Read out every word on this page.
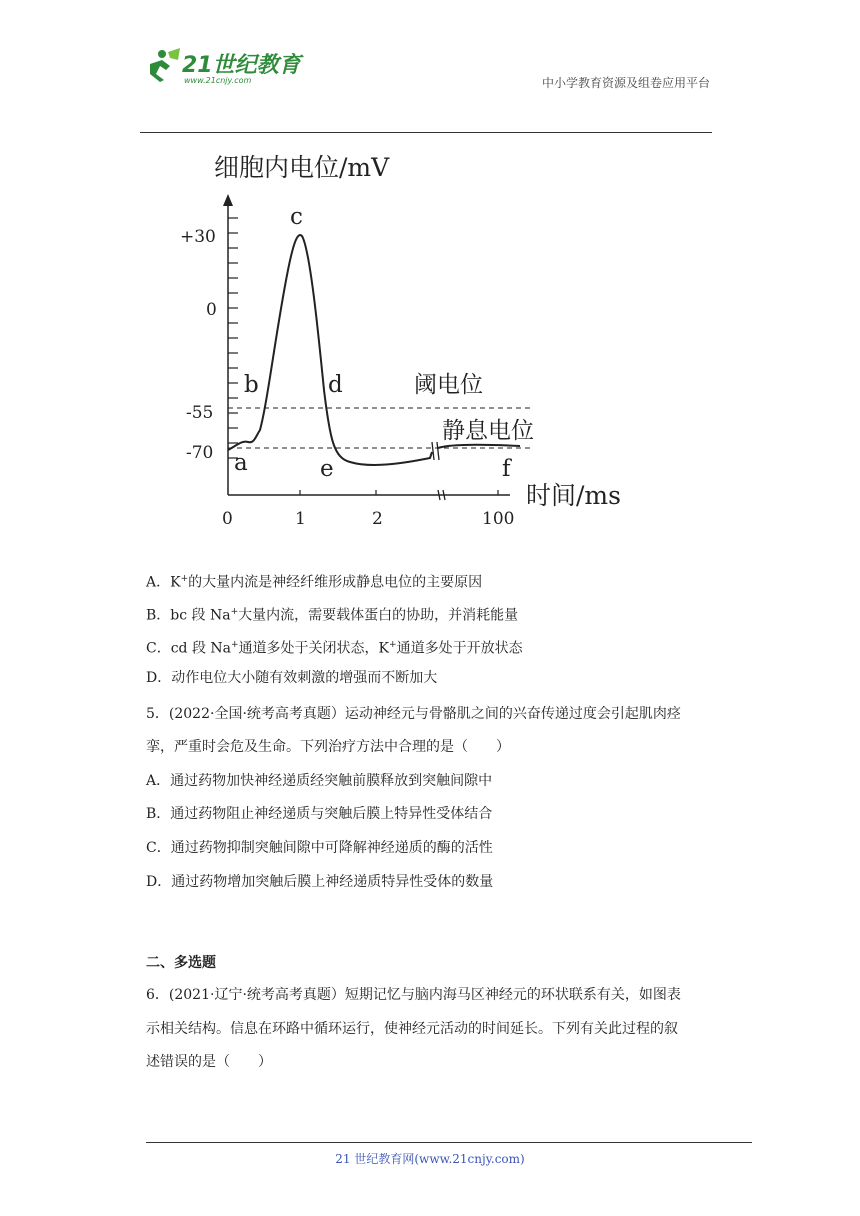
21世纪教育
www.21cnjy.com	中小学教育资源及组卷应用平台
细胞内电位/mV
+30
0
-55
-70
0	1	2	100
时间/ms
a
b
c
d
e	f
阈电位
静息电位
A．K+的大量内流是神经纤维形成静息电位的主要原因
B．bc 段 Na+大量内流，需要载体蛋白的协助，并消耗能量
C．cd 段 Na+通道多处于关闭状态，K+通道多处于开放状态
D．动作电位大小随有效刺激的增强而不断加大
5．(2022·全国·统考高考真题）运动神经元与骨骼肌之间的兴奋传递过度会引起肌肉痉
挛，严重时会危及生命。下列治疗方法中合理的是（　　）
A．通过药物加快神经递质经突触前膜释放到突触间隙中
B．通过药物阻止神经递质与突触后膜上特异性受体结合
C．通过药物抑制突触间隙中可降解神经递质的酶的活性
D．通过药物增加突触后膜上神经递质特异性受体的数量
二、多选题
6．(2021·辽宁·统考高考真题）短期记忆与脑内海马区神经元的环状联系有关，如图表
示相关结构。信息在环路中循环运行，使神经元活动的时间延长。下列有关此过程的叙
述错误的是（　　）
21 世纪教育网(www.21cnjy.com)
